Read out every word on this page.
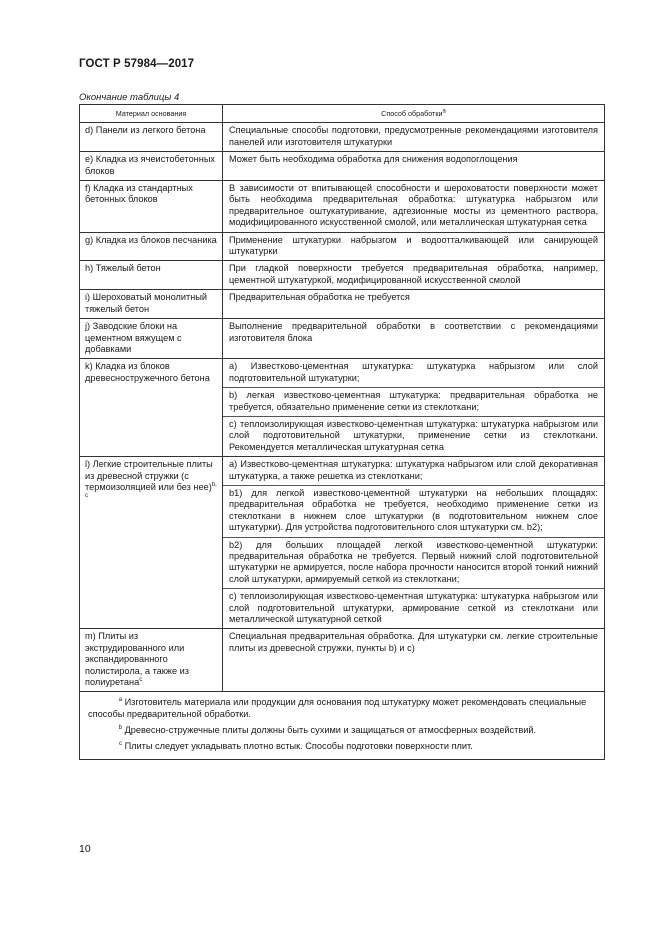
ГОСТ Р 57984—2017
Окончание таблицы 4
Материал основания	Способ обработки$^a$
d) Панели из легкого бетона	Специальные способы подготовки, предусмотренные рекомендациями изготовителя панелей или изготовителя штукатурки

e) Кладка из ячеистобетонных блоков	Может быть необходима обработка для снижения водопоглощения

f) Кладка из стандартных бетонных блоков	В зависимости от впитывающей способности и шероховатости поверхности может быть необходима предварительная обработка: штукатурка набрызгом или предварительное оштукатуривание, адгезионные мосты из цементного раствора, модифицированного искусственной смолой, или металлическая штукатурная сетка

g) Кладка из блоков песчаника	Применение штукатурки набрызгом и водоотталкивающей или санирующей штукатурки

h) Тяжелый бетон	При гладкой поверхности требуется предварительная обработка, например, цементной штукатуркой, модифицированной искусственной смолой

i) Шероховатый монолитный тяжелый бетон	Предварительная обработка не требуется

j) Заводские блоки на цементном вяжущем с добавками	Выполнение предварительной обработки в соответствии с рекомендациями изготовителя блока

k) Кладка из блоков древесностружечного бетона	a) Известково-цементная штукатурка: штукатурка набрызгом или слой подготовительной штукатурки;
b) легкая известково-цементная штукатурка: предварительная обработка не требуется, обязательно применение сетки из стеклоткани;
c) теплоизолирующая известково-цементная штукатурка: штукатурка набрызгом или слой подготовительной штукатурки, применение сетки из стеклоткани. Рекомендуется металлическая штукатурная сетка

l) Легкие строительные плиты из древесной стружки (с термоизоляцией или без нее)$^{b, c}$	a) Известково-цементная штукатурка: штукатурка набрызгом или слой декоративная штукатурка, а также решетка из стеклоткани;
b1) для легкой известково-цементной штукатурки на небольших площадях: предварительная обработка не требуется, необходимо применение сетки из стеклоткани в нижнем слое штукатурки (в подготовительном нижнем слое штукатурки). Для устройства подготовительного слоя штукатурки см. b2);
b2) для больших площадей легкой известково-цементной штукатурки: предварительная обработка не требуется. Первый нижний слой подготовительной штукатурки не армируется, после набора прочности наносится второй тонкий нижний слой штукатурки, армируемый сеткой из стеклоткани;
c) теплоизолирующая известково-цементная штукатурка: штукатурка набрызгом или слой подготовительной штукатурки, армирование сеткой из стеклоткани или металлической штукатурной сеткой

m) Плиты из экструдированного или экспандированного полистирола, а также из полиуретана$^c$	Специальная предварительная обработка. Для штукатурки см. легкие строительные плиты из древесной стружки, пункты b) и c)

$^a$ Изготовитель материала или продукции для основания под штукатурку может рекомендовать специальные способы предварительной обработки.
$^b$ Древесно-стружечные плиты должны быть сухими и защищаться от атмосферных воздействий.
$^c$ Плиты следует укладывать плотно встык. Способы подготовки поверхности плит.	
10
